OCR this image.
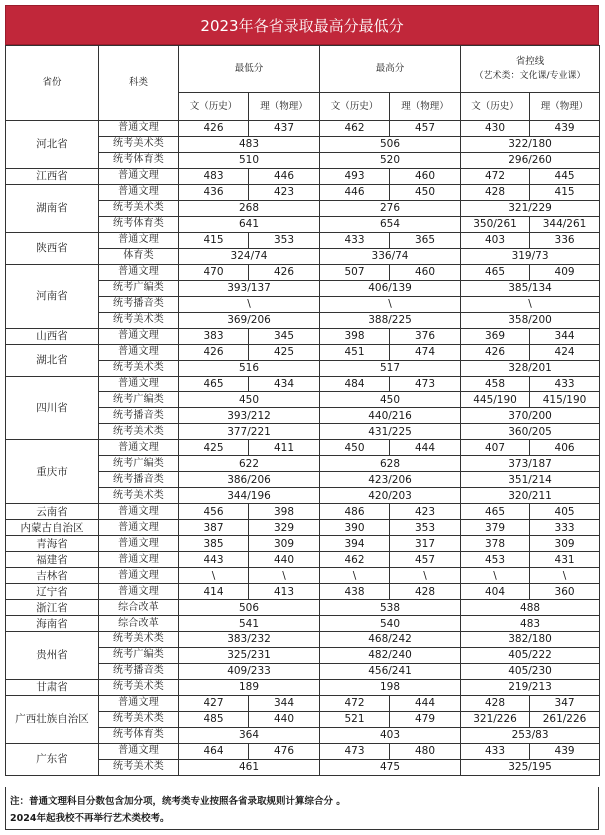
2023年各省录取最高分最低分
省份	科类	最低分		最高分		省控线
（艺术类：文化课/专业课）	

		文（历史）	理（物理）	文（历史）	理（物理）	文（历史）	理（物理）
河北省	普通文理	426	437	462	457	430	439
	统考美术类	483		506		322/180	
	统考体育类	510		520		296/260	
江西省	普通文理	483	446	493	460	472	445
湖南省	普通文理	436	423	446	450	428	415
	统考美术类	268		276		321/229	
	统考体育类	641		654		350/261	344/261
陕西省	普通文理	415	353	433	365	403	336
	体育类	324/74		336/74		319/73	
河南省	普通文理	470	426	507	460	465	409
	统考广编类	393/137		406/139		385/134	
	统考播音类	\		\		\	
	统考美术类	369/206		388/225		358/200	
山西省	普通文理	383	345	398	376	369	344
湖北省	普通文理	426	425	451	474	426	424
	统考美术类	516		517		328/201	
四川省	普通文理	465	434	484	473	458	433
	统考广编类	450		450		445/190	415/190
	统考播音类	393/212		440/216		370/200	
	统考美术类	377/221		431/225		360/205	
重庆市	普通文理	425	411	450	444	407	406
	统考广编类	622		628		373/187	
	统考播音类	386/206		423/206		351/214	
	统考美术类	344/196		420/203		320/211	
云南省	普通文理	456	398	486	423	465	405
内蒙古自治区	普通文理	387	329	390	353	379	333
青海省	普通文理	385	309	394	317	378	309
福建省	普通文理	443	440	462	457	453	431
吉林省	普通文理	\	\	\	\	\	\
辽宁省	普通文理	414	413	438	428	404	360
浙江省	综合改革	506		538		488	
海南省	综合改革	541		540		483	
贵州省	统考美术类	383/232		468/242		382/180	
	统考广编类	325/231		482/240		405/222	
	统考播音类	409/233		456/241		405/230	
甘肃省	统考美术类	189		198		219/213	
广西壮族自治区	普通文理	427	344	472	444	428	347
	统考美术类	485	440	521	479	321/226	261/226
	统考体育类	364		403		253/83	
广东省	普通文理	464	476	473	480	433	439
	统考美术类	461		475		325/195	
注：普通文理科目分数包含加分项，统考类专业按照各省录取规则计算综合分 。
2024年起我校不再举行艺术类校考。
